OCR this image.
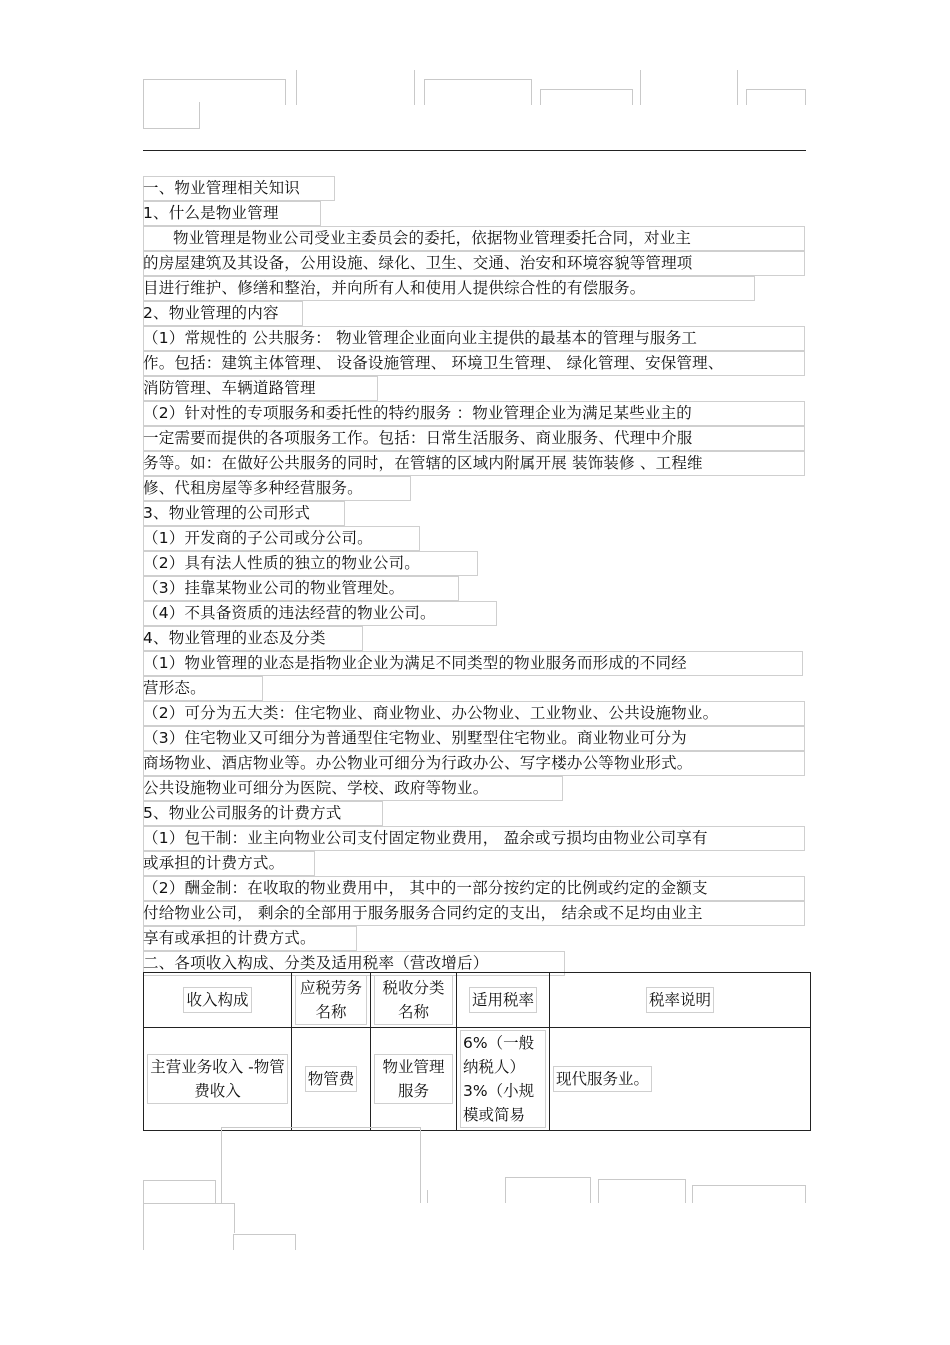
一、物业管理相关知识
1、什么是物业管理
物业管理是物业公司受业主委员会的委托，依据物业管理委托合同，对业主
的房屋建筑及其设备，公用设施、绿化、卫生、交通、治安和环境容貌等管理项
目进行维护、修缮和整治，并向所有人和使用人提供综合性的有偿服务。
2、物业管理的内容
（1）常规性的 公共服务： 物业管理企业面向业主提供的最基本的管理与服务工
作。包括：建筑主体管理、 设备设施管理、 环境卫生管理、 绿化管理、安保管理、
消防管理、车辆道路管理
（2）针对性的专项服务和委托性的特约服务 ：物业管理企业为满足某些业主的
一定需要而提供的各项服务工作。包括：日常生活服务、商业服务、代理中介服
务等。如：在做好公共服务的同时，在管辖的区域内附属开展 装饰装修 、工程维
修、代租房屋等多种经营服务。
3、物业管理的公司形式
（1）开发商的子公司或分公司。
（2）具有法人性质的独立的物业公司。
（3）挂靠某物业公司的物业管理处。
（4）不具备资质的违法经营的物业公司。
4、物业管理的业态及分类
（1）物业管理的业态是指物业企业为满足不同类型的物业服务而形成的不同经
营形态。
（2）可分为五大类：住宅物业、商业物业、办公物业、工业物业、公共设施物业。
（3）住宅物业又可细分为普通型住宅物业、别墅型住宅物业。商业物业可分为
商场物业、酒店物业等。办公物业可细分为行政办公、写字楼办公等物业形式。
公共设施物业可细分为医院、学校、政府等物业。
5、物业公司服务的计费方式
（1）包干制：业主向物业公司支付固定物业费用， 盈余或亏损均由物业公司享有
或承担的计费方式。
（2）酬金制：在收取的物业费用中， 其中的一部分按约定的比例或约定的金额支
付给物业公司， 剩余的全部用于服务服务合同约定的支出， 结余或不足均由业主
享有或承担的计费方式。
二、各项收入构成、分类及适用税率（营改增后）
收入构成	应税劳务名称	税收分类名称	适用税率	税率说明
主营业务收入 -物管费收入	物管费	物业管理服务	6%（一般纳税人）3%（小规模或简易	现代服务业。
